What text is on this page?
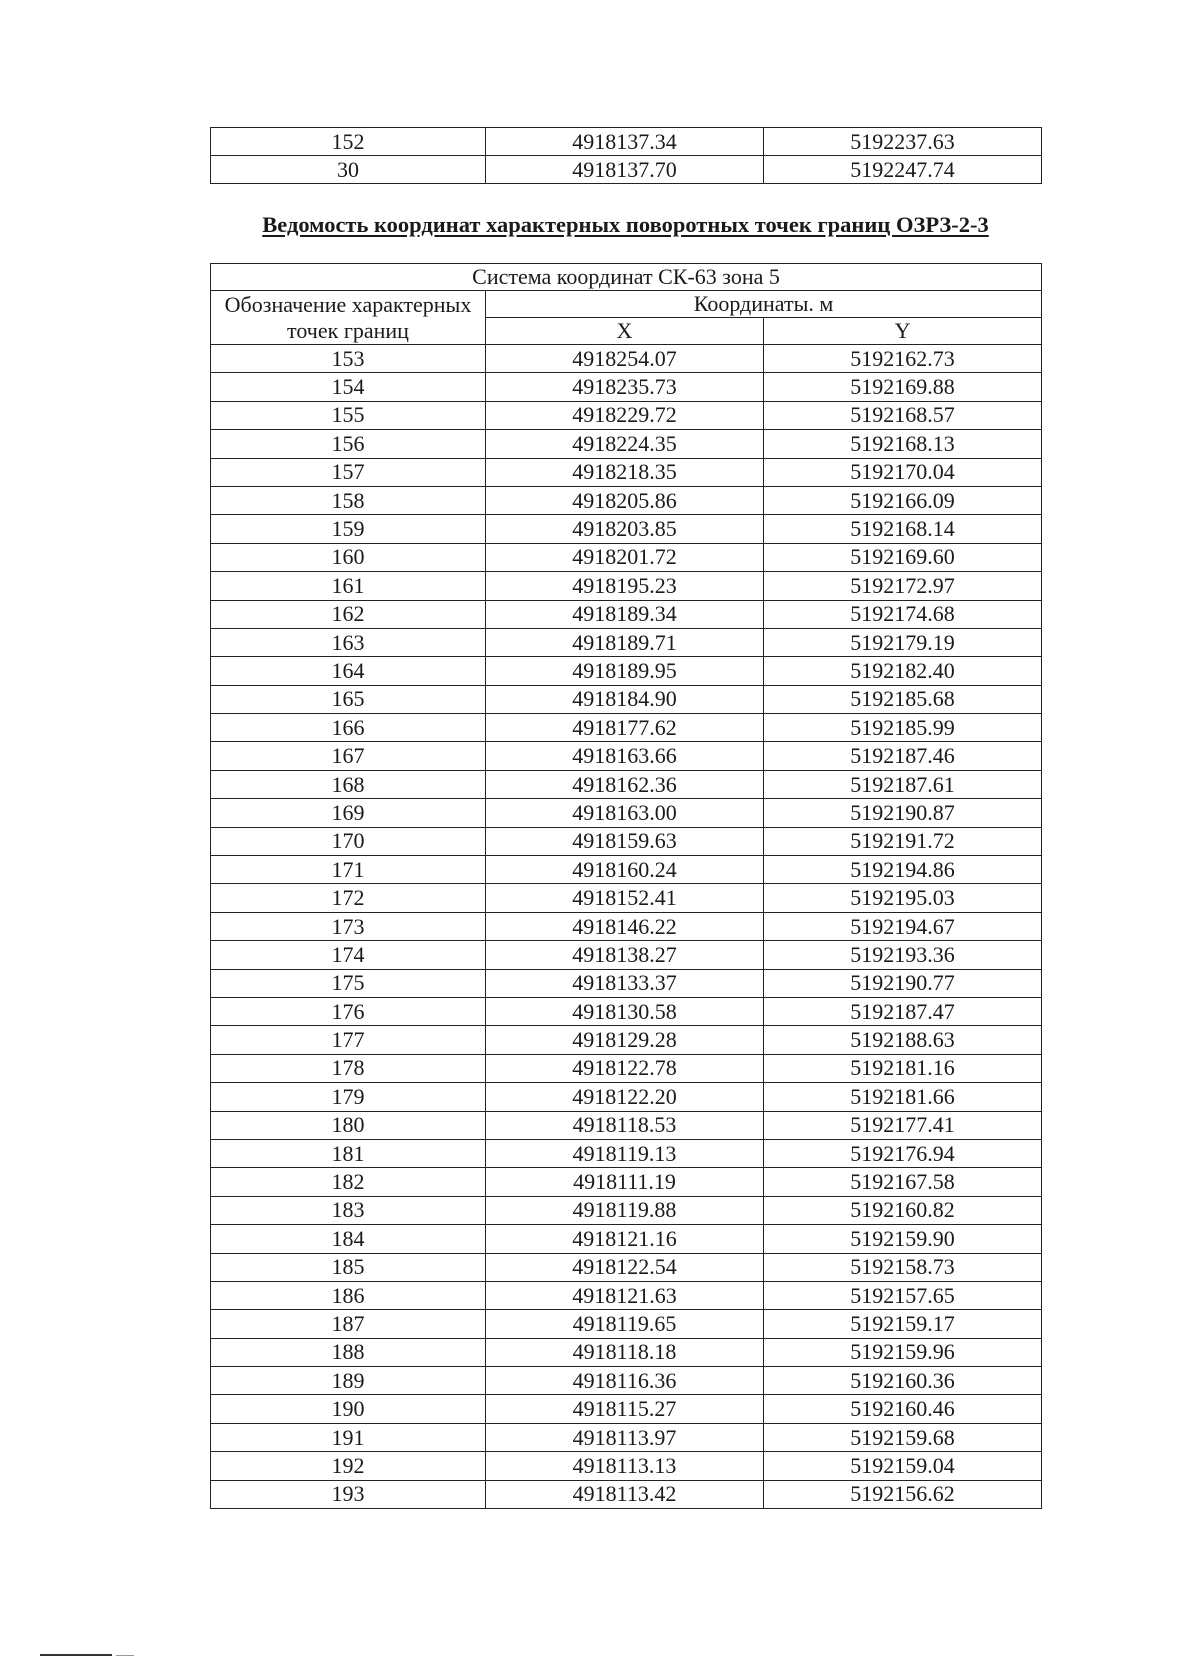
152	4918137.34	5192237.63
30	4918137.70	5192247.74
Ведомость координат характерных поворотных точек границ ОЗРЗ-2-3
Система координат СК-63 зона 5		
Обозначение характерных точек границ	Координаты. м	
	X	Y
153	4918254.07	5192162.73
154	4918235.73	5192169.88
155	4918229.72	5192168.57
156	4918224.35	5192168.13
157	4918218.35	5192170.04
158	4918205.86	5192166.09
159	4918203.85	5192168.14
160	4918201.72	5192169.60
161	4918195.23	5192172.97
162	4918189.34	5192174.68
163	4918189.71	5192179.19
164	4918189.95	5192182.40
165	4918184.90	5192185.68
166	4918177.62	5192185.99
167	4918163.66	5192187.46
168	4918162.36	5192187.61
169	4918163.00	5192190.87
170	4918159.63	5192191.72
171	4918160.24	5192194.86
172	4918152.41	5192195.03
173	4918146.22	5192194.67
174	4918138.27	5192193.36
175	4918133.37	5192190.77
176	4918130.58	5192187.47
177	4918129.28	5192188.63
178	4918122.78	5192181.16
179	4918122.20	5192181.66
180	4918118.53	5192177.41
181	4918119.13	5192176.94
182	4918111.19	5192167.58
183	4918119.88	5192160.82
184	4918121.16	5192159.90
185	4918122.54	5192158.73
186	4918121.63	5192157.65
187	4918119.65	5192159.17
188	4918118.18	5192159.96
189	4918116.36	5192160.36
190	4918115.27	5192160.46
191	4918113.97	5192159.68
192	4918113.13	5192159.04
193	4918113.42	5192156.62
